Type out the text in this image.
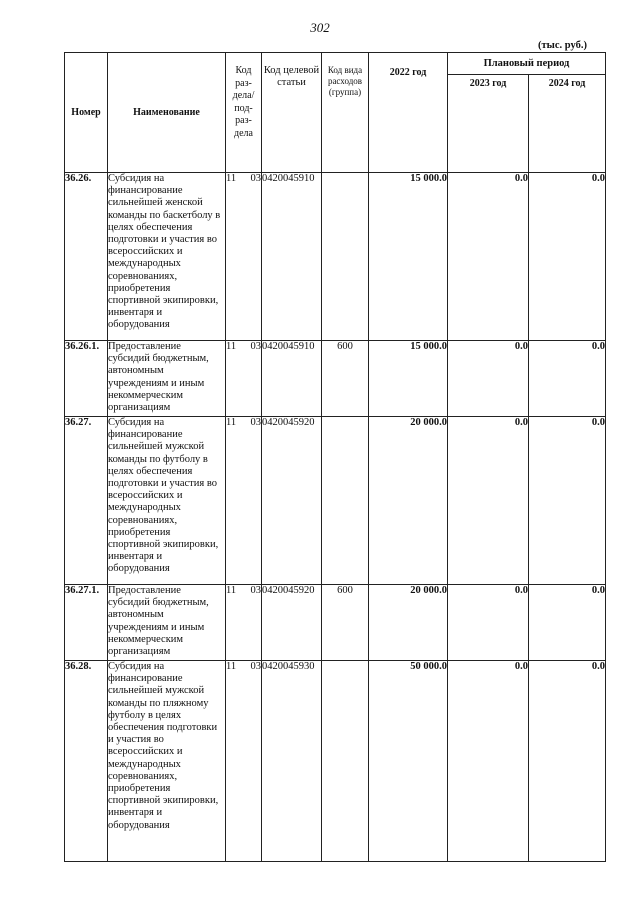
302
(тыс. руб.)
Номер	Наименование	Код раз- дела/ под- раз- дела	Код целевой статьи	Код вида расходов (группа)	2022 год	Плановый период	
						2023 год	2024 год
36.26.	Субсидия на финансирование сильнейшей женской команды по баскетболу в целях обеспечения подготовки и участия во всероссийских и международных соревнованиях, приобретения спортивной экипировки, инвентаря и оборудования	11 03	0420045910		15 000.0	0.0	0.0
36.26.1.	Предоставление субсидий бюджетным, автономным учреждениям и иным некоммерческим организациям	11 03	0420045910	600	15 000.0	0.0	0.0
36.27.	Субсидия на финансирование сильнейшей мужской команды по футболу в целях обеспечения подготовки и участия во всероссийских и международных соревнованиях, приобретения спортивной экипировки, инвентаря и оборудования	11 03	0420045920		20 000.0	0.0	0.0
36.27.1.	Предоставление субсидий бюджетным, автономным учреждениям и иным некоммерческим организациям	11 03	0420045920	600	20 000.0	0.0	0.0
36.28.	Субсидия на финансирование сильнейшей мужской команды по пляжному футболу в целях обеспечения подготовки и участия во всероссийских и международных соревнованиях, приобретения спортивной экипировки, инвентаря и оборудования	11 03	0420045930		50 000.0	0.0	0.0
